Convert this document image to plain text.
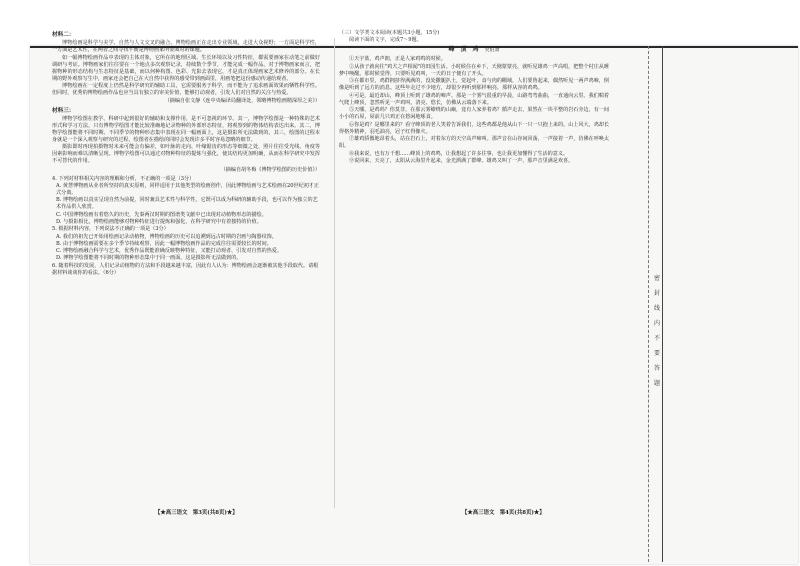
材料二：

博物绘画是科学与美学、自然与人文交叉的融合。博物绘画正在走出专业领域，走进大众视野；一方面是科学性，一方面是艺术性，在两者之间寻找平衡是博物画家所要面对的课题。

如一幅博物绘画作品中表现的主体对象，它所在的地理区域、生长环境以及习性特征，都需要画家在动笔之前做好调研与考证。博物画家们往往要在一个地点多次观察记录，持续数个季节，才能完成一幅作品。对于博物画家而言，把握物种的形态结构与生态特征是基础，而以何种构图、色彩、光影去表现它，才是真正体现画家艺术修养的部分。在长期的野外观察写生中，画家还会把自己在大自然中获得的感受带到画面里，用画笔把这份感动传递给观者。

博物绘画在一定程度上仍然是科学研究的辅助工具，它需要服务于科学，而不能为了追求画面效果而牺牲科学性。但同时，优秀的博物绘画作品也应当具有独立的审美价值，能够打动观者，引发人们对自然的关注与热爱。

（摘编自张文静《连中央编译局翻译处，领略博物绘画精深厚之美》）
材料三：

博物学绘图在教学、科研中起到很好的辅助和支撑作用，是不可忽视的环节。其一，博物学绘图是一种特殊的艺术形式和学习方法，只有博物学绘图才能比较准确地记录物种的外部形态特征，将观察到的物体结构表达出来。其二，博物学绘图能将不同时期、不同季节的物种形态集中表现在同一幅画面上，这是摄影所无法做到的。其三，绘图的过程本身就是一个深入观察与研究的过程，绘图者在描绘的同时会发现许多平时容易忽略的细节。

摄影即时再现拍摄物时未来可能会有偏差，如叶脉的走向、叶缘锯齿的形态等细微之处，照片往往受光线、角度等因素影响而难以清晰呈现。博物学绘图可以通过对物种特征的提炼与强化，使其结构更加明确，从而在科学研究中发挥不可替代的作用。

（摘编自胡冬梅《博物学绘图的历史价值》）

4. 下列对材料相关内容的理解和分析，不正确的一项是（3分）

A. 黄慧博物画从业者所坚持的真实原则，同样适用于其他类型的绘画创作，因此博物绘画与艺术绘画在20世纪初才正式分离。

B. 博物绘画以真实呈现自然为前提，同时兼具艺术性与科学性，它既可以成为科研的辅助手段，也可以作为独立的艺术作品供人欣赏。

C. 中国博物绘画有着悠久的历史，先秦两汉时期的图谱类文献中已出现对动植物形态的描绘。

D. 与摄影相比，博物绘画能够对物种特征进行提炼和强化，在科学研究中有着独特的价值。

5. 根据材料内容，下列说法不正确的一项是（3分）

A. 我们的祖先已开始用绘画记录动植物，博物绘画的历史可以追溯到远古时期的岩画与陶器纹饰。

B. 由于博物绘画需要在多个季节持续观察，因此一幅博物绘画作品的完成往往需要较长的时间。

C. 博物绘画融合科学与艺术，优秀作品既能准确反映物种特征，又能打动观者、引发对自然的热爱。

D. 博物学绘图能将不同时期的物种形态集中于同一画面，这是摄影所无法做到的。

6. 随着科技的发展，人们记录动植物的方法和手段越来越丰富，因此有人认为：博物绘画会逐渐被其他手段取代。请根据材料谈谈你的看法。（6分）

【★高三语文　第3页(共8页)★】

（三）文学类文本阅读(本题共3小题，15分)

阅读下面的文字，完成7～9题。

峰　顶　鸡 吴伯箫

①天宇蓝，鸡声朗，正是人家鸡鸣的时候。

②从孩子就向往"鸡犬之声相闻"的田园生活。小时候住在乡下，天刚蒙蒙亮，就听见雄鸡一声高唱，把整个村庄从睡梦中唤醒。那时候觉得，只要听见鸡叫，一天的日子便有了开头。

③在都市里，鸡群拥挤得满满的，没处撒腿扒土，觉起叶，食与肉的棚域，人们要鲁起来，偶然听见一两声鸡啼，倒像是听到了远方的消息。这些年走过不少地方，却很少再听到那样响亮、那样从容的鸡鸣。

④可是，最近却山，峰顶上听到了雄鸡的啼声。那是一个雾气很重的早晨，山路弯弯曲曲，一直通向云里。我们喘着气爬上峰顶，忽然听见一声鸡叫，清亮、悠长，仿佛从云端落下来。

⑤天哪，是鸡吗？你莫非，在那云雾缭绕的山巅，竟有人家养着鸡？循声走去，果然在一块平整的岩石旁边，有一间小小的石屋，屋前几只鸡正在悠闲地啄食。

⑥你是鸡？是哪里来的？看守峰顶的老人笑着告诉我们，这些鸡都是他从山下一只一只抱上来的。山上风大，鸡却长得格外精神，羽毛油亮，冠子红得像火。

⑦雄鸡骄傲地昂着头，站在岩石上，对着东方的天空高声啼叫。那声音在山谷间回荡，一声接着一声，仿佛在呼唤太阳。

⑧我来说，也有万千想……峰顶上的鸡鸣，让我想起了许多往事，也让我更加懂得了生活的意义。

⑨说回来，天亮了，太阳从云海里升起来，金光洒满了群峰。雄鸡又叫了一声，那声音里满是欢喜。

【★高三语文　第4页(共8页)★】
密　封　线　内　不　要　答　题
